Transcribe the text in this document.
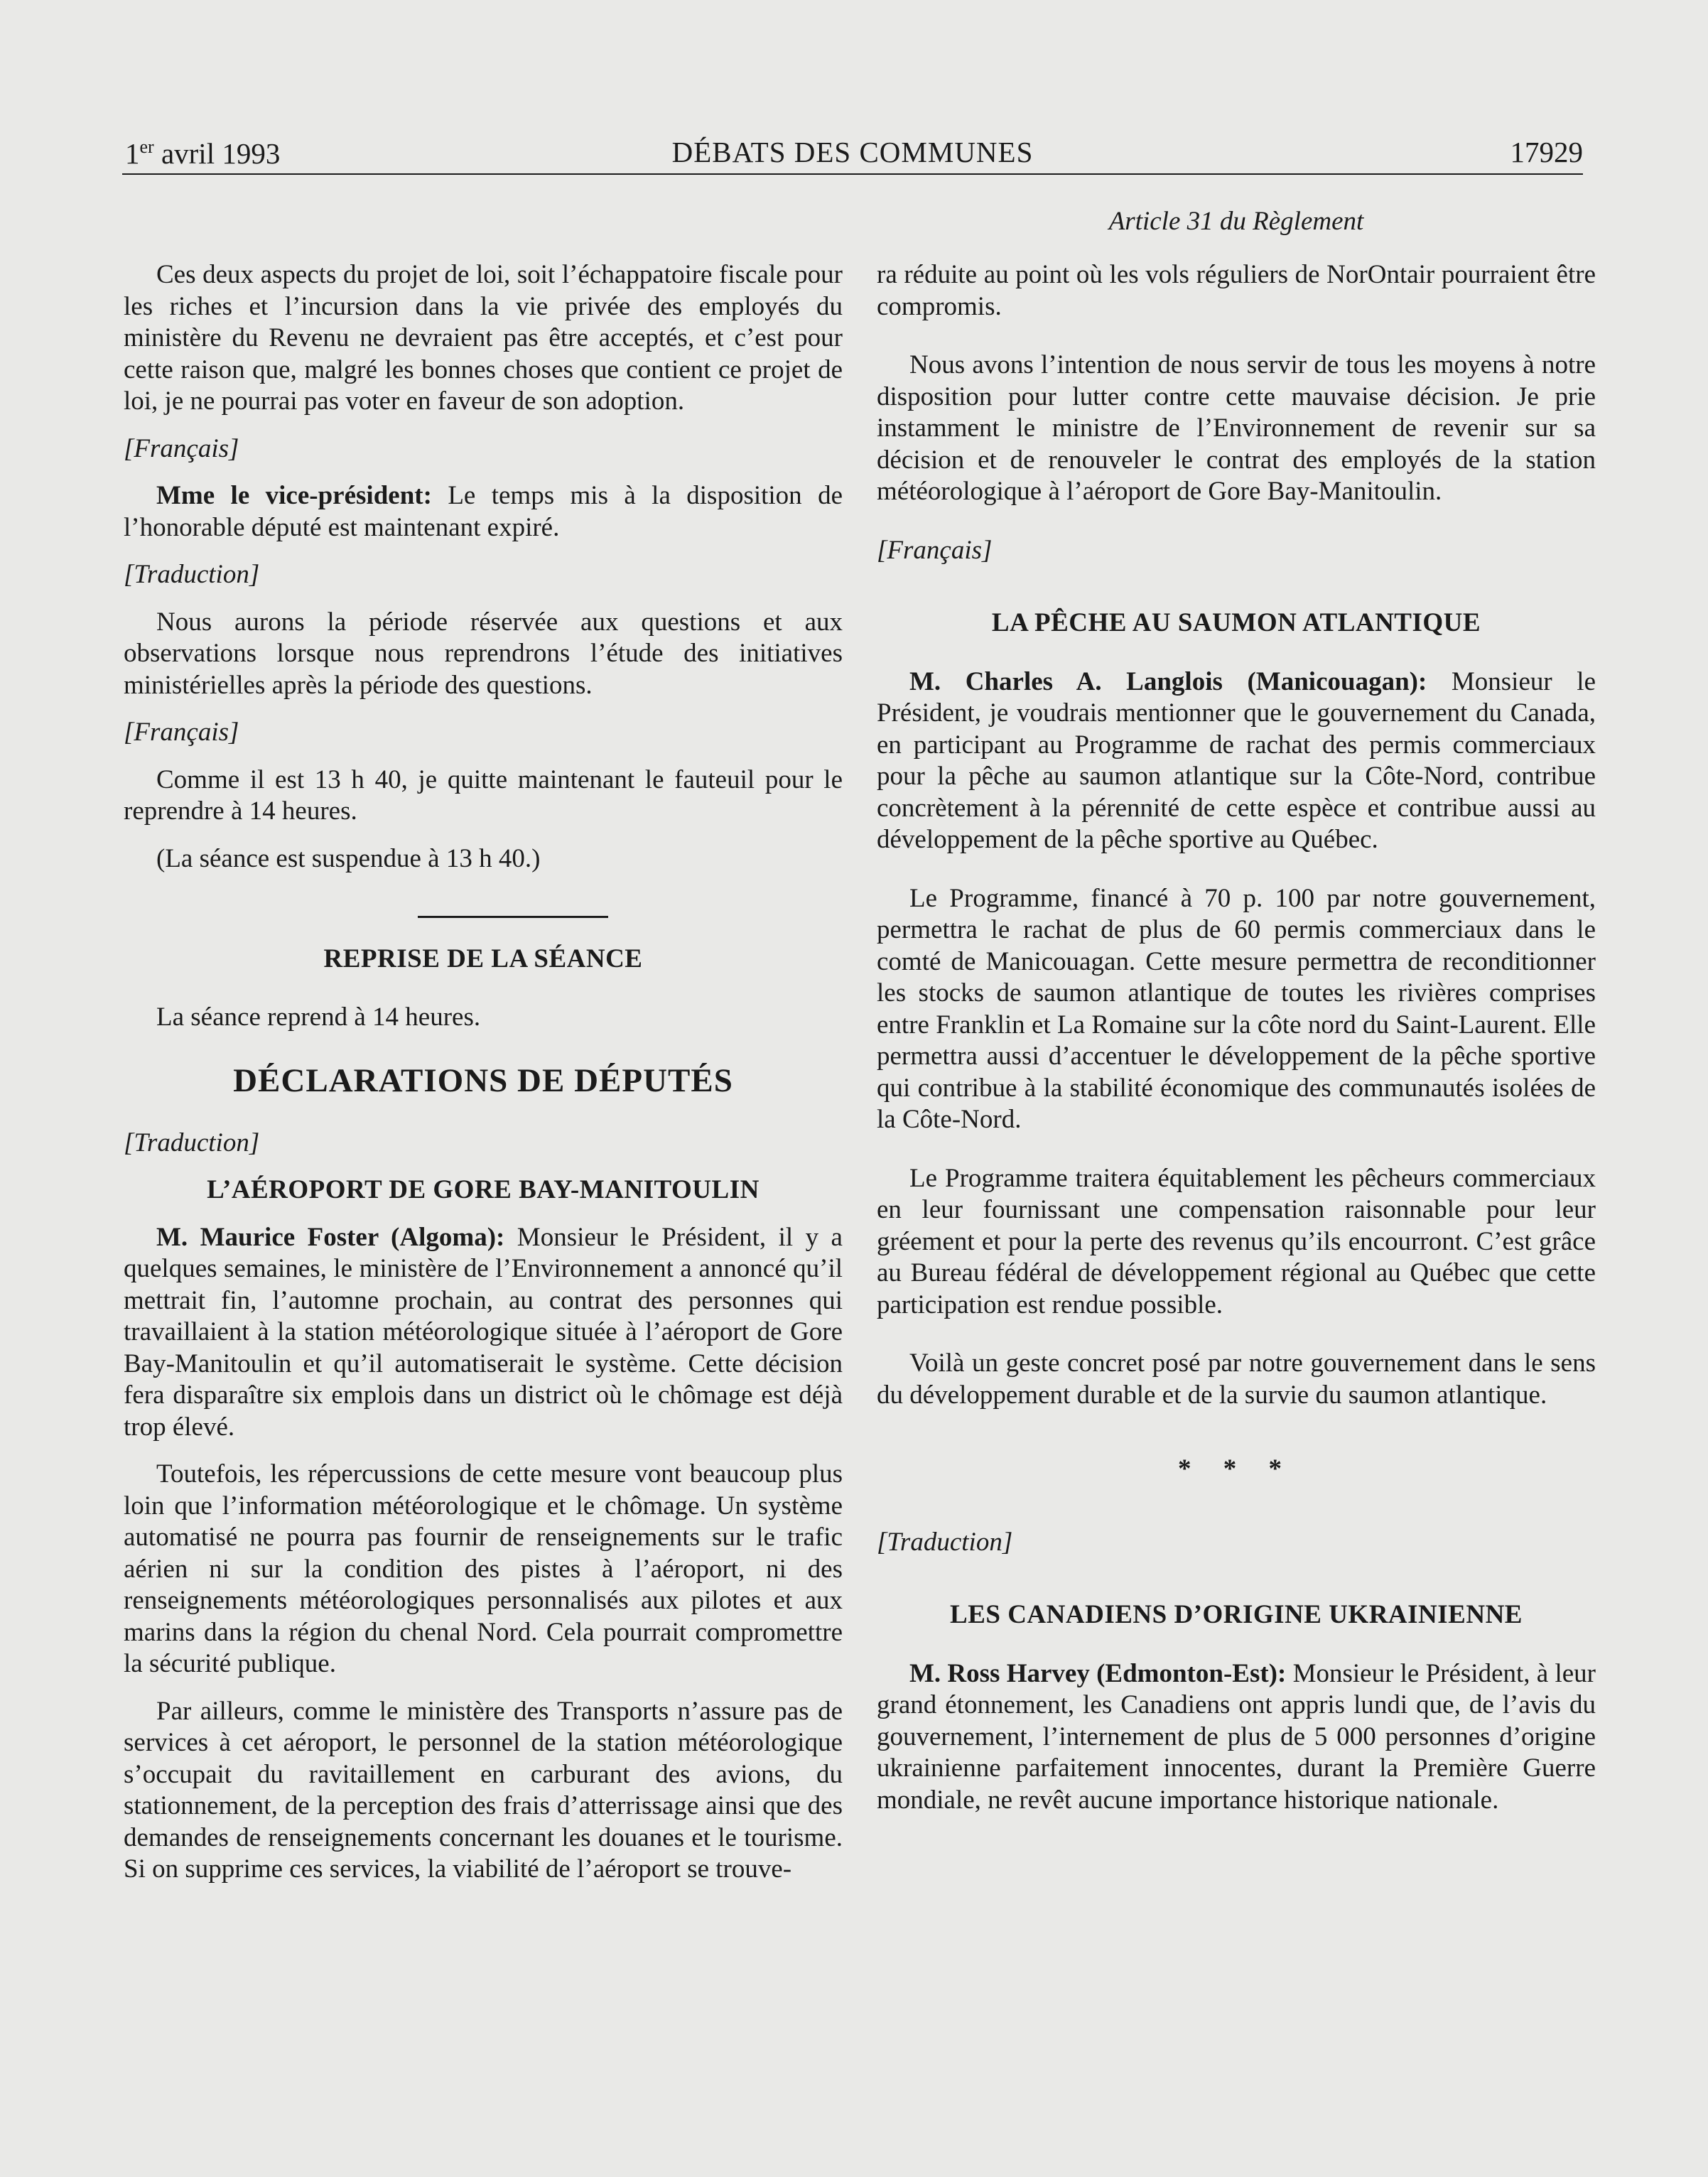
1er avril 1993	DÉBATS DES COMMUNES	17929
Article 31 du Règlement

Ces deux aspects du projet de loi, soit l’échappatoire fiscale pour les riches et l’incursion dans la vie privée des employés du ministère du Revenu ne devraient pas être acceptés, et c’est pour cette raison que, malgré les bonnes choses que contient ce projet de loi, je ne pourrai pas voter en faveur de son adoption.

[Français]

Mme le vice-président: Le temps mis à la disposition de l’honorable député est maintenant expiré.

[Traduction]

Nous aurons la période réservée aux questions et aux observations lorsque nous reprendrons l’étude des initiatives ministérielles après la période des questions.

[Français]

Comme il est 13 h 40, je quitte maintenant le fauteuil pour le reprendre à 14 heures.

(La séance est suspendue à 13 h 40.)

REPRISE DE LA SÉANCE

La séance reprend à 14 heures.

DÉCLARATIONS DE DÉPUTÉS

[Traduction]

L’AÉROPORT DE GORE BAY-MANITOULIN

M. Maurice Foster (Algoma): Monsieur le Président, il y a quelques semaines, le ministère de l’Environnement a annoncé qu’il mettrait fin, l’automne prochain, au contrat des personnes qui travaillaient à la station météorologique située à l’aéroport de Gore Bay-Manitoulin et qu’il automatiserait le système. Cette décision fera disparaître six emplois dans un district où le chômage est déjà trop élevé.

Toutefois, les répercussions de cette mesure vont beaucoup plus loin que l’information météorologique et le chômage. Un système automatisé ne pourra pas fournir de renseignements sur le trafic aérien ni sur la condition des pistes à l’aéroport, ni des renseignements météorologiques personnalisés aux pilotes et aux marins dans la région du chenal Nord. Cela pourrait compromettre la sécurité publique.

Par ailleurs, comme le ministère des Transports n’assure pas de services à cet aéroport, le personnel de la station météorologique s’occupait du ravitaillement en carburant des avions, du stationnement, de la perception des frais d’atterrissage ainsi que des demandes de renseignements concernant les douanes et le tourisme. Si on supprime ces services, la viabilité de l’aéroport se trouve-

ra réduite au point où les vols réguliers de NorOntair pourraient être compromis.

Nous avons l’intention de nous servir de tous les moyens à notre disposition pour lutter contre cette mauvaise décision. Je prie instamment le ministre de l’Environnement de revenir sur sa décision et de renouveler le contrat des employés de la station météorologique à l’aéroport de Gore Bay-Manitoulin.

[Français]

LA PÊCHE AU SAUMON ATLANTIQUE

M. Charles A. Langlois (Manicouagan): Monsieur le Président, je voudrais mentionner que le gouvernement du Canada, en participant au Programme de rachat des permis commerciaux pour la pêche au saumon atlantique sur la Côte-Nord, contribue concrètement à la pérennité de cette espèce et contribue aussi au développement de la pêche sportive au Québec.

Le Programme, financé à 70 p. 100 par notre gouvernement, permettra le rachat de plus de 60 permis commerciaux dans le comté de Manicouagan. Cette mesure permettra de reconditionner les stocks de saumon atlantique de toutes les rivières comprises entre Franklin et La Romaine sur la côte nord du Saint-Laurent. Elle permettra aussi d’accentuer le développement de la pêche sportive qui contribue à la stabilité économique des communautés isolées de la Côte-Nord.

Le Programme traitera équitablement les pêcheurs commerciaux en leur fournissant une compensation raisonnable pour leur gréement et pour la perte des revenus qu’ils encourront. C’est grâce au Bureau fédéral de développement régional au Québec que cette participation est rendue possible.

Voilà un geste concret posé par notre gouvernement dans le sens du développement durable et de la survie du saumon atlantique.

* * *

[Traduction]

LES CANADIENS D’ORIGINE UKRAINIENNE

M. Ross Harvey (Edmonton-Est): Monsieur le Président, à leur grand étonnement, les Canadiens ont appris lundi que, de l’avis du gouvernement, l’internement de plus de 5 000 personnes d’origine ukrainienne parfaitement innocentes, durant la Première Guerre mondiale, ne revêt aucune importance historique nationale.
